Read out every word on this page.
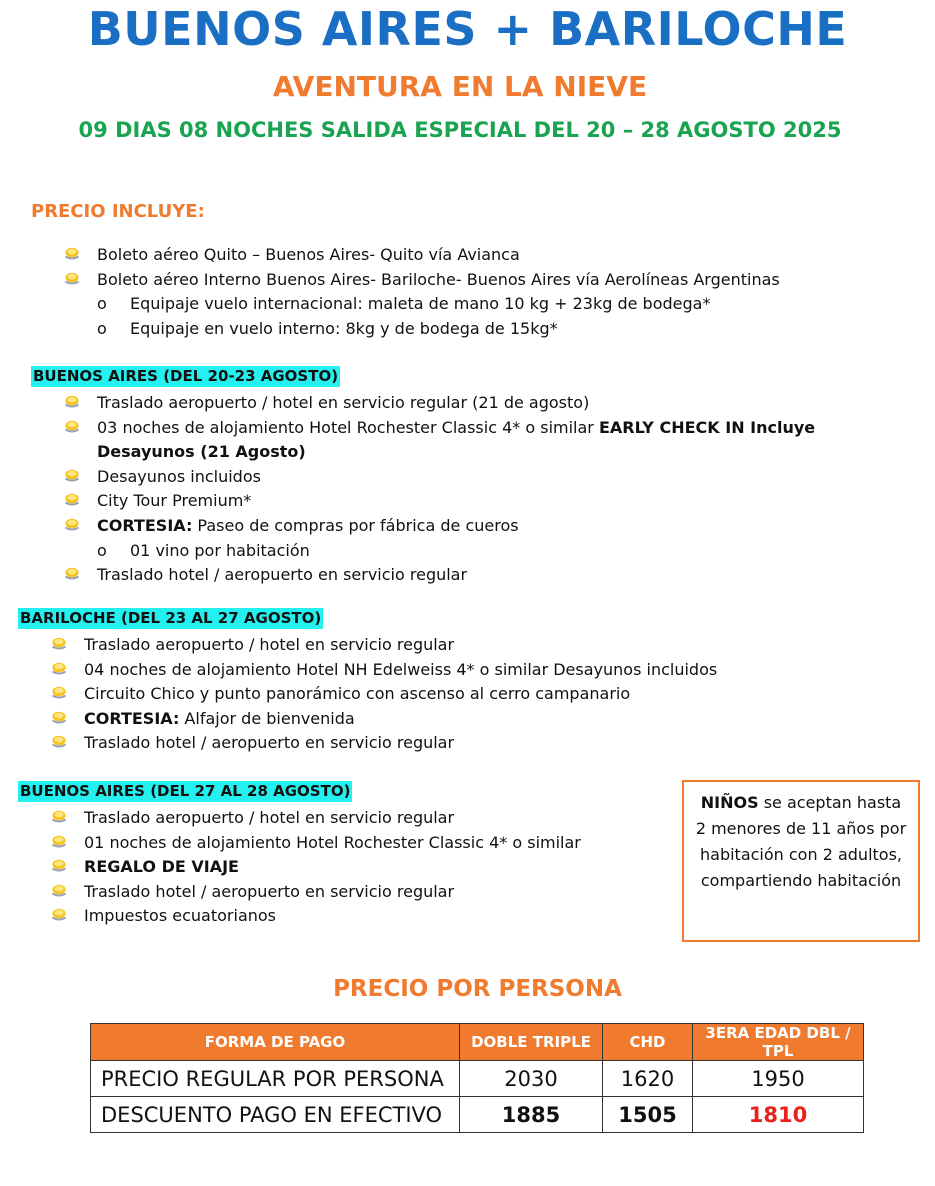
BUENOS AIRES + BARILOCHE
AVENTURA EN LA NIEVE
09 DIAS 08 NOCHES SALIDA ESPECIAL DEL 20 – 28 AGOSTO 2025
PRECIO INCLUYE:
Boleto aéreo Quito – Buenos Aires- Quito vía Avianca
Boleto aéreo Interno Buenos Aires- Bariloche- Buenos Aires vía Aerolíneas Argentinas
o Equipaje vuelo internacional: maleta de mano 10 kg + 23kg de bodega*
o Equipaje en vuelo interno: 8kg y de bodega de 15kg*
BUENOS AIRES (DEL 20-23 AGOSTO)
Traslado aeropuerto / hotel en servicio regular (21 de agosto)
03 noches de alojamiento Hotel Rochester Classic 4* o similar EARLY CHECK IN Incluye Desayunos (21 Agosto)
Desayunos incluidos
City Tour Premium*
CORTESIA: Paseo de compras por fábrica de cueros
o 01 vino por habitación
Traslado hotel / aeropuerto en servicio regular
BARILOCHE (DEL 23 AL 27 AGOSTO)
Traslado aeropuerto / hotel en servicio regular
04 noches de alojamiento Hotel NH Edelweiss 4* o similar Desayunos incluidos
Circuito Chico y punto panorámico con ascenso al cerro campanario
CORTESIA: Alfajor de bienvenida
Traslado hotel / aeropuerto en servicio regular
BUENOS AIRES (DEL 27 AL 28 AGOSTO)
Traslado aeropuerto / hotel en servicio regular
01 noches de alojamiento Hotel Rochester Classic 4* o similar
REGALO DE VIAJE
Traslado hotel / aeropuerto en servicio regular
Impuestos ecuatorianos
NIÑOS se aceptan hasta 2 menores de 11 años por habitación con 2 adultos, compartiendo habitación
PRECIO POR PERSONA
FORMA DE PAGO	DOBLE TRIPLE	CHD	3ERA EDAD DBL / TPL
PRECIO REGULAR POR PERSONA	2030	1620	1950
DESCUENTO PAGO EN EFECTIVO	1885	1505	1810
